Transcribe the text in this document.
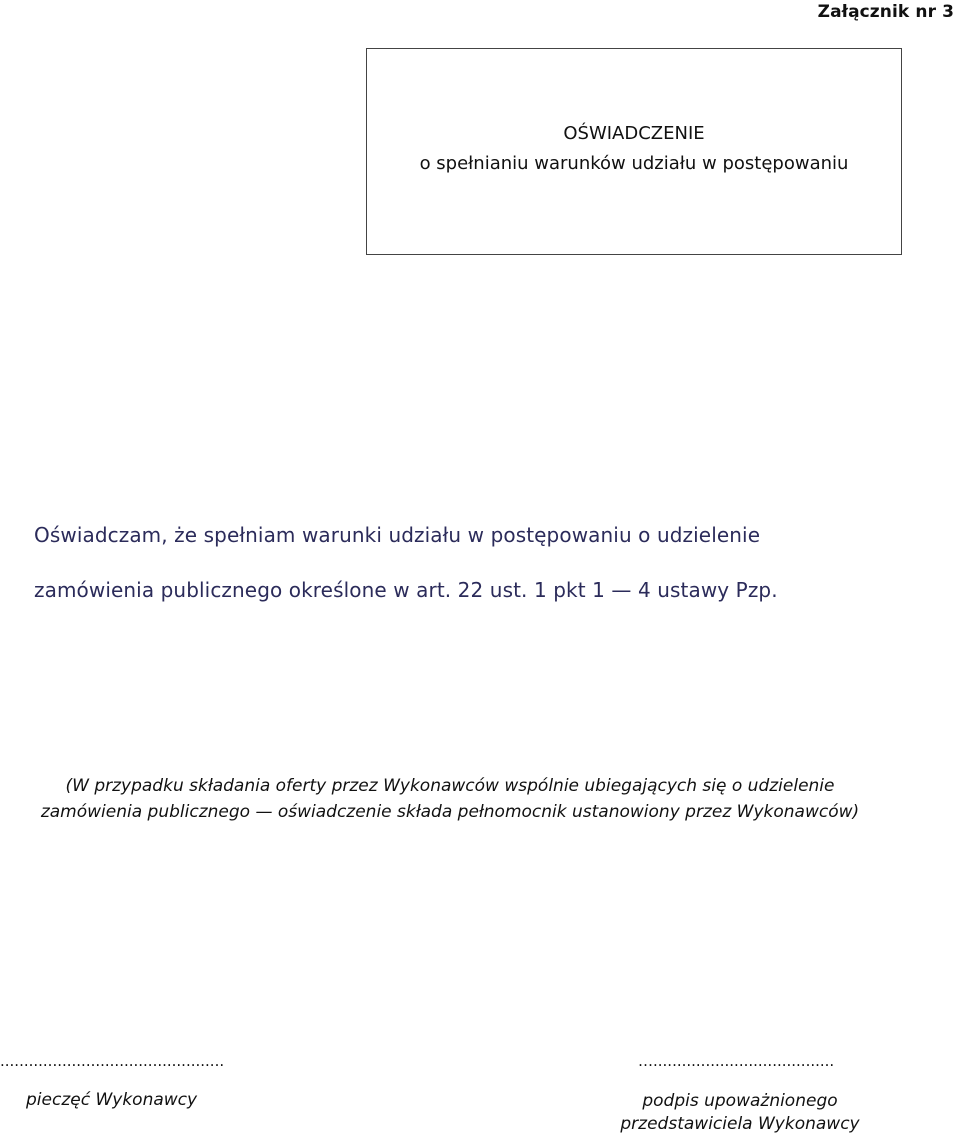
Załącznik nr 3
OŚWIADCZENIE
o spełnianiu warunków udziału w postępowaniu
Oświadczam, że spełniam warunki udziału w postępowaniu o udzielenie
zamówienia publicznego określone w art. 22 ust. 1 pkt 1 — 4 ustawy Pzp.
(W przypadku składania oferty przez Wykonawców wspólnie ubiegających się o udzielenie
zamówienia publicznego — oświadczenie składa pełnomocnik ustanowiony przez Wykonawców)
...............................................	…......................................
pieczęć Wykonawcy	podpis upoważnionego
przedstawiciela Wykonawcy
